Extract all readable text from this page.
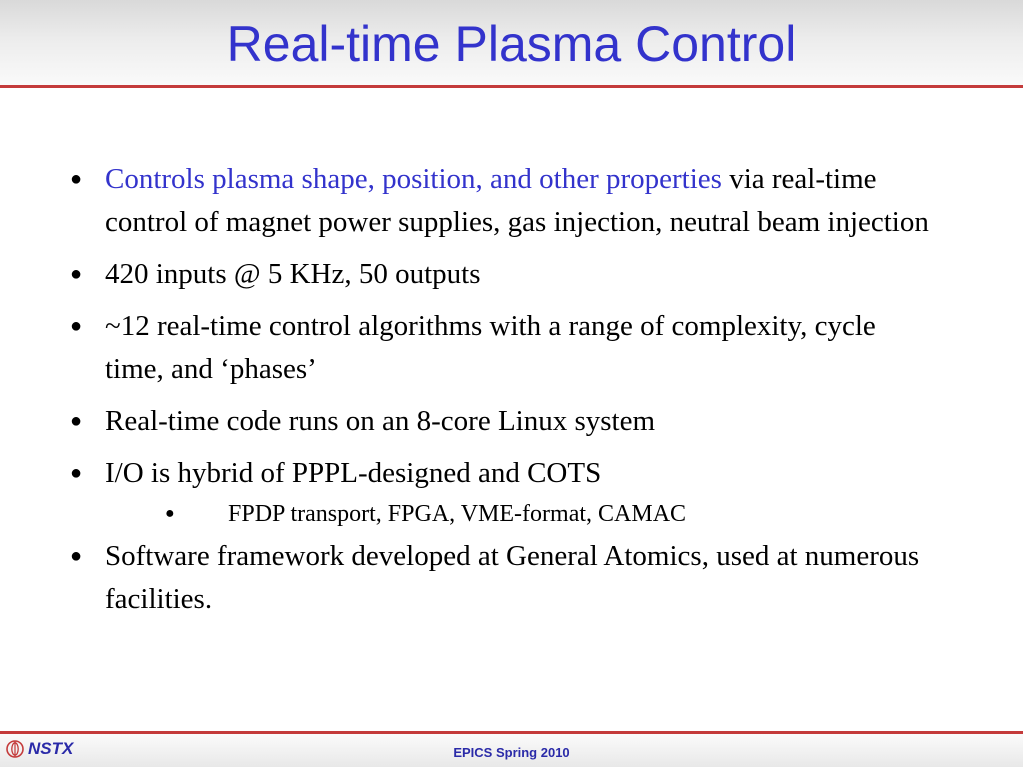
Real-time Plasma Control
● Controls plasma shape, position, and other properties via real-time control of magnet power supplies, gas injection, neutral beam injection
● 420 inputs @ 5 KHz, 50 outputs
● ~12 real-time control algorithms with a range of complexity, cycle time, and ‘phases’
● Real-time code runs on an 8-core Linux system
● I/O is hybrid of PPPL-designed and COTS
● FPDP transport, FPGA, VME-format, CAMAC
● Software framework developed at General Atomics, used at numerous facilities.
NSTX	EPICS Spring 2010
